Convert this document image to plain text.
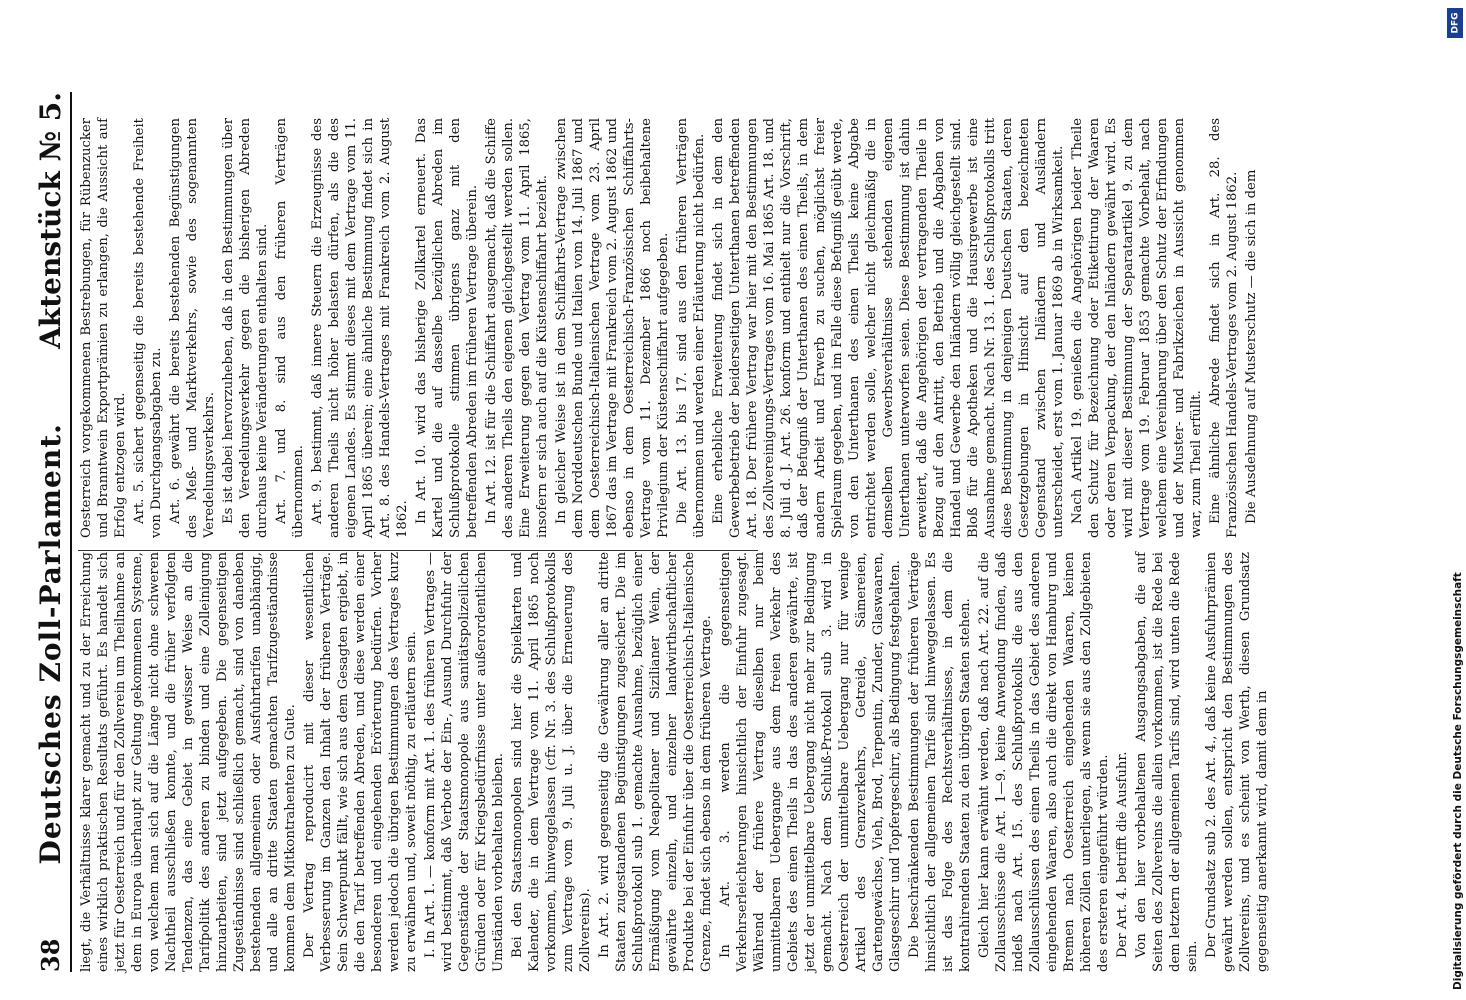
38
Deutsches Zoll-Parlament.
Aktenstück № 5.

liegt, die Verhältnisse klarer gemacht und zu der Erreichung eines wirklich praktischen Resultats geführt. Es handelt sich jetzt für Oesterreich und für den Zollverein um Theilnahme an dem in Europa überhaupt zur Geltung gekommenen Systeme, von welchem man sich auf die Länge nicht ohne schweren Nachtheil ausschließen konnte, und die früher verfolgten Tendenzen, das eine Gebiet in gewisser Weise an die Tarifpolitik des anderen zu binden und eine Zolleinigung hinzuarbeiten, sind jetzt aufgegeben. Die gegenseitigen Zugeständnisse sind schließlich gemacht, sind von daneben bestehenden allgemeinen oder Ausfuhrtarifen unabhängig, und alle an dritte Staaten gemachten Tarifzugeständnisse kommen dem Mitkontrahenten zu Gute. Der Vertrag reproducirt mit dieser wesentlichen Verbesserung im Ganzen den Inhalt der früheren Verträge. Sein Schwerpunkt fällt, wie sich aus dem Gesagten ergiebt, in die den Tarif betreffenden Abreden, und diese werden einer besonderen und eingehenden Erörterung bedürfen. Vorher werden jedoch die übrigen Bestimmungen des Vertrages kurz zu erwähnen und, soweit nöthig, zu erläutern sein. I. In Art. 1. — konform mit Art. 1. des früheren Vertrages — wird bestimmt, daß Verbote der Ein-, Ausund Durchfuhr der Gegenstände der Staatsmonopole aus sanitätspolizeilichen Gründen oder für Kriegsbedürfnisse unter außerordentlichen Umständen vorbehalten bleiben. Bei den Staatsmonopolen sind hier die Spielkarten und Kalender, die in dem Vertrage vom 11. April 1865 noch vorkommen, hinweggelassen (cfr. Nr. 3. des Schlußprotokolls zum Vertrage vom 9. Juli u. J. über die Erneuerung des Zollvereins). In Art. 2. wird gegenseitig die Gewährung aller an dritte Staaten zugestandenen Begünstigungen zugesichert. Die im Schlußprotokoll sub 1. gemachte Ausnahme, bezüglich einer Ermäßigung vom Neapolitaner und Sizilianer Wein, der gewährte einzeln, und einzelner landwirthschaftlicher Produkte bei der Einfuhr über die Oesterreichisch-Italienische Grenze, findet sich ebenso in dem früheren Vertrage. In Art. 3. werden die gegenseitigen Verkehrserleichterungen hinsichtlich der Einfuhr zugesagt. Während der frühere Vertrag dieselben nur beim unmittelbaren Uebergange aus dem freien Verkehr des Gebiets des einen Theils in das des anderen gewährte, ist jetzt der unmittelbare Uebergang nicht mehr zur Bedingung gemacht. Nach dem Schluß-Protokoll sub 3. wird in Oesterreich der unmittelbare Uebergang nur für wenige Artikel des Grenzverkehrs, Getreide, Sämereien, Gartengewächse, Vieh, Brod, Terpentin, Zunder, Glaswaaren, Glasgeschirr und Topfergeschirr, als Bedingung festgehalten. Die beschränkenden Bestimmungen der früheren Verträge hinsichtlich der allgemeinen Tarife sind hinweggelassen. Es ist das Folge des Rechtsverhältnisses, in dem die kontrahirenden Staaten zu den übrigen Staaten stehen. Gleich hier kann erwähnt werden, daß nach Art. 22. auf die Zollausschüsse die Art. 1—9. keine Anwendung finden, daß indeß nach Art. 15. des Schlußprotokolls die aus den Zollausschlüssen des einen Theils in das Gebiet des anderen eingehenden Waaren, also auch die direkt von Hamburg und Bremen nach Oesterreich eingehenden Waaren, keinen höheren Zöllen unterliegen, als wenn sie aus den Zollgebieten des ersteren eingeführt würden. Der Art. 4. betrifft die Ausfuhr. Von den hier vorbehaltenen Ausgangsabgaben, die auf Seiten des Zollvereins die allein vorkommen, ist die Rede bei dem letztern der allgemeinen Tarifs sind, wird unten die Rede sein. Der Grundsatz sub 2. des Art. 4., daß keine Ausfuhrprämien gewährt werden sollen, entspricht den Bestimmungen des Zollvereins, und es scheint von Werth, diesen Grundsatz gegenseitig anerkannt wird, damit dem in

Oesterreich vorgekommenen Bestrebungen, für Rübenzucker und Branntwein Exportprämien zu erlangen, die Aussicht auf Erfolg entzogen wird. Art. 5. sichert gegenseitig die bereits bestehende Freiheit von Durchgangsabgaben zu. Art. 6. gewährt die bereits bestehenden Begünstigungen des Meß- und Marktverkehrs, sowie des sogenannten Veredelungsverkehrs. Es ist dabei hervorzuheben, daß in den Bestimmungen über den Veredelungsverkehr gegen die bisherigen Abreden durchaus keine Veränderungen enthalten sind. Art. 7. und 8. sind aus den früheren Verträgen übernommen. Art. 9. bestimmt, daß innere Steuern die Erzeugnisse des anderen Theils nicht höher belasten dürfen, als die des eigenen Landes. Es stimmt dieses mit dem Vertrage vom 11. April 1865 überein; eine ähnliche Bestimmung findet sich in Art. 8. des Handels-Vertrages mit Frankreich vom 2. August 1862. In Art. 10. wird das bisherige Zollkartel erneuert. Das Kartel und die auf dasselbe bezüglichen Abreden im Schlußprotokolle stimmen übrigens ganz mit den betreffenden Abreden im früheren Vertrage überein. In Art. 12. ist für die Schiffahrt ausgemacht, daß die Schiffe des anderen Theils den eigenen gleichgestellt werden sollen. Eine Erweiterung gegen den Vertrag vom 11. April 1865, insofern er sich auch auf die Küstenschiffahrt bezieht. In gleicher Weise ist in dem Schiffahrts-Vertrage zwischen dem Norddeutschen Bunde und Italien vom 14. Juli 1867 und dem Oesterreichisch-Italienischen Vertrage vom 23. April 1867 das im Vertrage mit Frankreich vom 2. August 1862 und ebenso in dem Oesterreichisch-Französischen Schiffahrts-Vertrage vom 11. Dezember 1866 noch beibehaltene Privilegium der Küstenschiffahrt aufgegeben. Die Art. 13. bis 17. sind aus den früheren Verträgen übernommen und werden einer Erläuterung nicht bedürfen. Eine erhebliche Erweiterung findet sich in dem den Gewerbebetrieb der beiderseitigen Unterthanen betreffenden Art. 18. Der frühere Vertrag war hier mit den Bestimmungen des Zollvereinigungs-Vertrages vom 16. Mai 1865 Art. 18. und 8. Juli d. J. Art. 26. konform und enthielt nur die Vorschrift, daß der Befugniß der Unterthanen des einen Theils, in dem andern Arbeit und Erwerb zu suchen, möglichst freier Spielraum gegeben, und im Falle diese Befugniß geübt werde, von den Unterthanen des einen Theils keine Abgabe entrichtet werden solle, welcher nicht gleichmäßig die in demselben Gewerbsverhältnisse stehenden eigenen Unterthanen unterworfen seien. Diese Bestimmung ist dahin erweitert, daß die Angehörigen der vertragenden Theile in Bezug auf den Antritt, den Betrieb und die Abgaben von Handel und Gewerbe den Inländern völlig gleichgestellt sind. Bloß für die Apotheken und die Hausirgewerbe ist eine Ausnahme gemacht. Nach Nr. 13. 1. des Schlußprotokolls tritt diese Bestimmung in denjenigen Deutschen Staaten, deren Gesetzgebungen in Hinsicht auf den bezeichneten Gegenstand zwischen Inländern und Ausländern unterscheidet, erst vom 1. Januar 1869 ab in Wirksamkeit. Nach Artikel 19. genießen die Angehörigen beider Theile den Schutz für Bezeichnung oder Etikettirung der Waaren oder deren Verpackung, der den Inländern gewährt wird. Es wird mit dieser Bestimmung der Separatartikel 9. zu dem Vertrage vom 19. Februar 1853 gemachte Vorbehalt, nach welchem eine Vereinbarung über den Schutz der Erfindungen und der Muster- und Fabrikzeichen in Aussicht genommen war, zum Theil erfüllt. Eine ähnliche Abrede findet sich in Art. 28. des Französischen Handels-Vertrages vom 2. August 1862. Die Ausdehnung auf Musterschutz — die sich in dem

Digitalisierung gefördert durch die Deutsche Forschungsgemeinschaft
DFG
